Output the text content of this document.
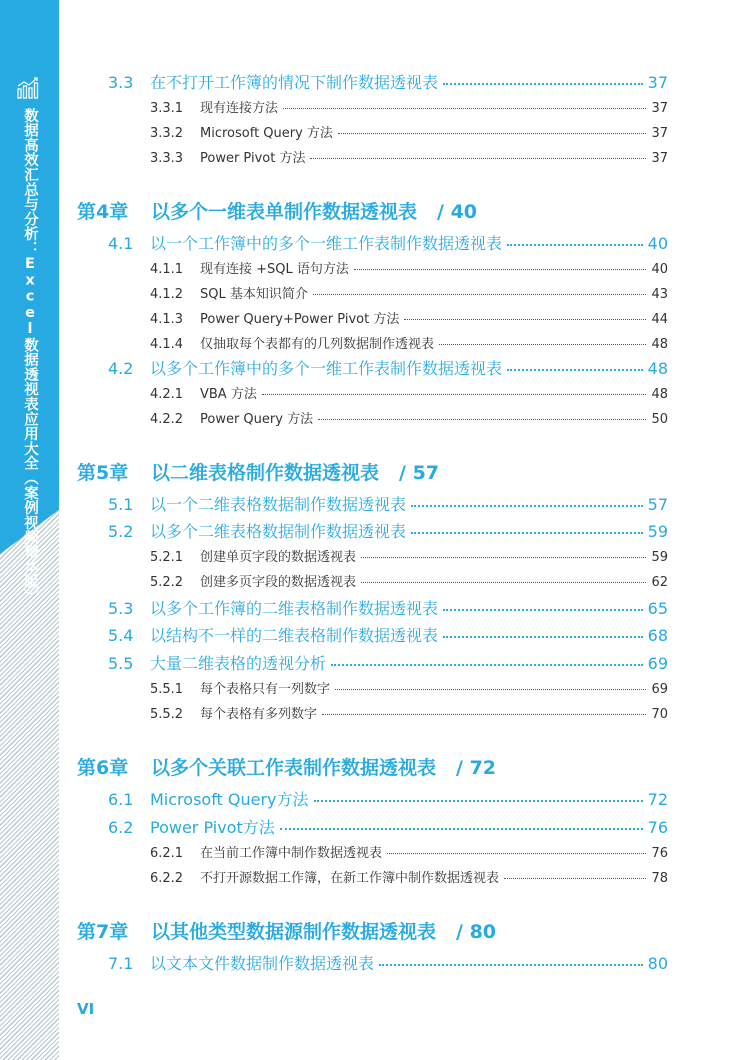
数据高效汇总与分析：Excel数据透视表应用大全（案例视频精华版）
3.3	在不打开工作簿的情况下制作数据透视表	37
3.3.1	现有连接方法	37
3.3.2	Microsoft Query 方法	37
3.3.3	Power Pivot 方法	37
第4章	以多个一维表单制作数据透视表 / 40
4.1	以一个工作簿中的多个一维工作表制作数据透视表	40
4.1.1	现有连接 +SQL 语句方法	40
4.1.2	SQL 基本知识简介	43
4.1.3	Power Query+Power Pivot 方法	44
4.1.4	仅抽取每个表都有的几列数据制作透视表	48
4.2	以多个工作簿中的多个一维工作表制作数据透视表	48
4.2.1	VBA 方法	48
4.2.2	Power Query 方法	50
第5章	以二维表格制作数据透视表 / 57
5.1	以一个二维表格数据制作数据透视表	57
5.2	以多个二维表格数据制作数据透视表	59
5.2.1	创建单页字段的数据透视表	59
5.2.2	创建多页字段的数据透视表	62
5.3	以多个工作簿的二维表格制作数据透视表	65
5.4	以结构不一样的二维表格制作数据透视表	68
5.5	大量二维表格的透视分析	69
5.5.1	每个表格只有一列数字	69
5.5.2	每个表格有多列数字	70
第6章	以多个关联工作表制作数据透视表 / 72
6.1	Microsoft Query方法	72
6.2	Power Pivot方法	76
6.2.1	在当前工作簿中制作数据透视表	76
6.2.2	不打开源数据工作簿，在新工作簿中制作数据透视表	78
第7章	以其他类型数据源制作数据透视表 / 80
7.1	以文本文件数据制作数据透视表	80
VI
